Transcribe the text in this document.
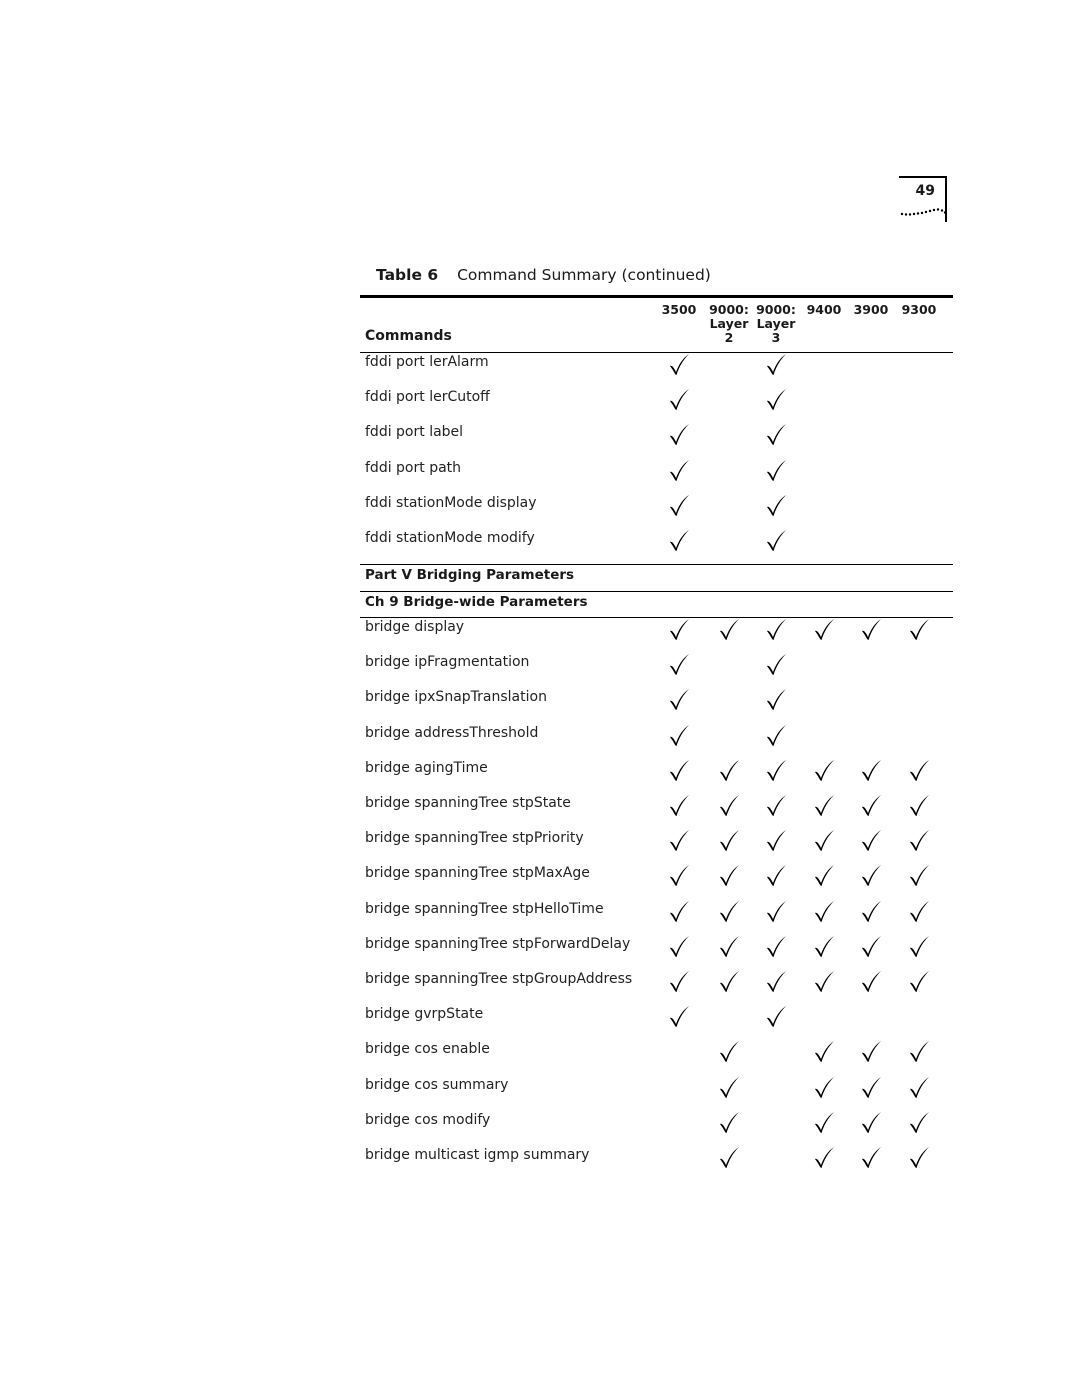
49
Table 6 Command Summary (continued)
3500	9000:
Layer
2
9000:
Layer
3
9400 3900	9300
Commands
fddi port lerAlarm
fddi port lerCutoff
fddi port label
fddi port path
fddi stationMode display
fddi stationMode modify
Part V Bridging Parameters
Ch 9 Bridge-wide Parameters
bridge display
bridge ipFragmentation
bridge ipxSnapTranslation
bridge addressThreshold
bridge agingTime
bridge spanningTree stpState
bridge spanningTree stpPriority
bridge spanningTree stpMaxAge
bridge spanningTree stpHelloTime
bridge spanningTree stpForwardDelay
bridge spanningTree stpGroupAddress
bridge gvrpState
bridge cos enable
bridge cos summary
bridge cos modify
bridge multicast igmp summary
